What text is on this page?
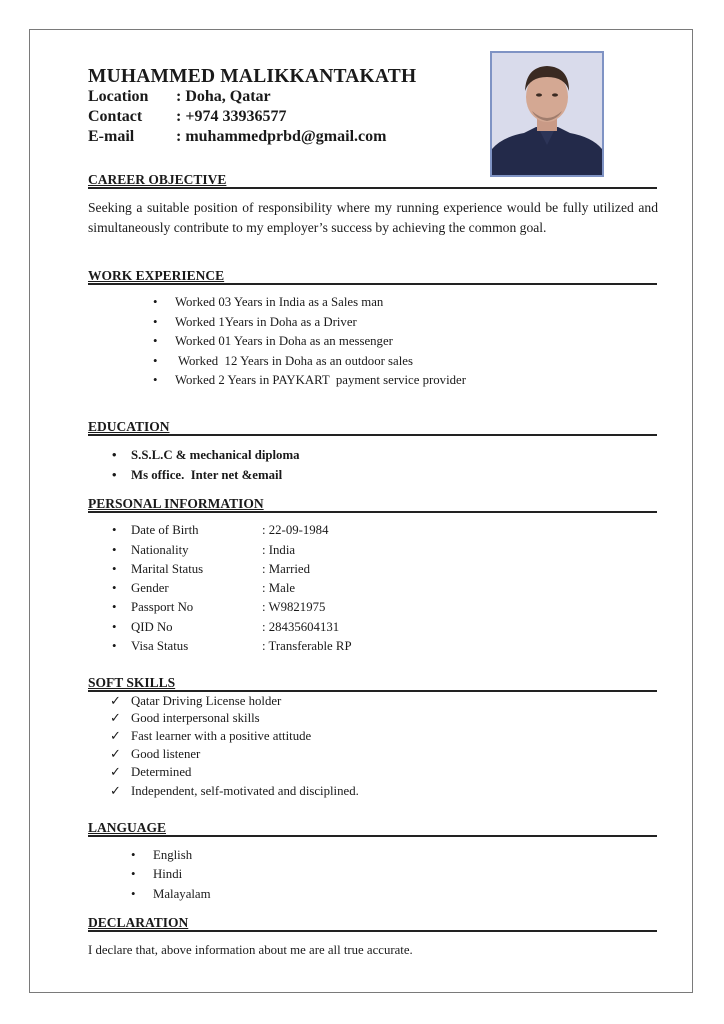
MUHAMMED MALIKKANTAKATH
Location : Doha, Qatar
Contact : +974 33936577
E-mail	: muhammedprbd@gmail.com
CAREER OBJECTIVE
Seeking a suitable position of responsibility where my running experience would be fully utilized and simultaneously contribute to my employer’s success by achieving the common goal.
WORK EXPERIENCE
• Worked 03 Years in India as a Sales man
• Worked 1Years in Doha as a Driver
• Worked 01 Years in Doha as an messenger
• Worked  12 Years in Doha as an outdoor sales
• Worked 2 Years in PAYKART  payment service provider
EDUCATION
• S.S.L.C & mechanical diploma
• Ms office.  Inter net &email
PERSONAL INFORMATION
• Date of Birth	: 22-09-1984
• Nationality	: India
• Marital Status	: Married
• Gender	: Male
• Passport No	: W9821975
• QID No	: 28435604131
• Visa Status	: Transferable RP
SOFT SKILLS
✓ Qatar Driving License holder
✓ Good interpersonal skills
✓ Fast learner with a positive attitude
✓ Good listener
✓ Determined
✓ Independent, self-motivated and disciplined.
LANGUAGE
• English
• Hindi
• Malayalam
DECLARATION
I declare that, above information about me are all true accurate.
